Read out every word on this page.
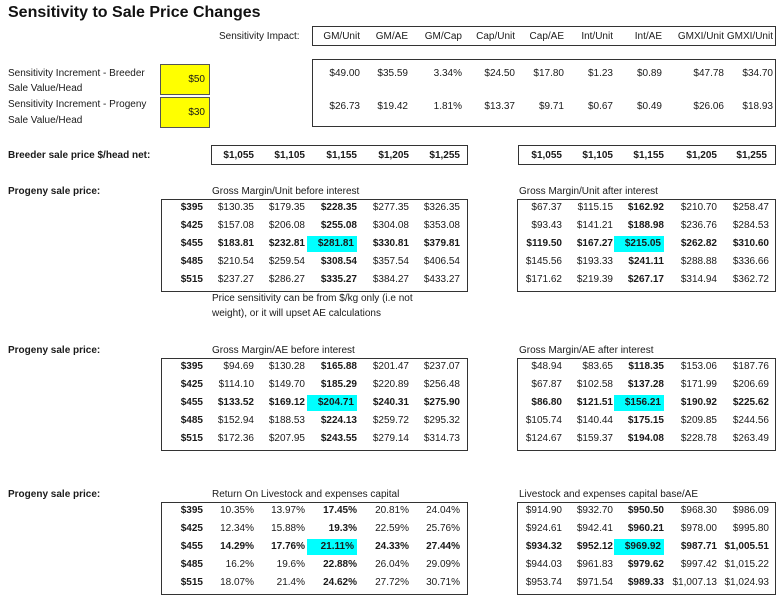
Sensitivity to Sale Price Changes
Sensitivity Impact:	GM/Unit	GM/AE	GM/Cap	Cap/Unit	Cap/AE	Int/Unit	Int/AE	GMXI/Unit GMXI/Unit
$49.00	$35.59	3.34%	$24.50	$17.80	$1.23	$0.89	$47.78	$34.70
$26.73	$19.42	1.81%	$13.37	$9.71	$0.67	$0.49	$26.06	$18.93
Sensitivity Increment - Breeder
Sale Value/Head
$50
Sensitivity Increment - Progeny
Sale Value/Head
$30
Breeder sale price $/head net:	$1,055	$1,105	$1,155	$1,205	$1,255	$1,055	$1,105	$1,155	$1,205	$1,255
Progeny sale price:
Progeny sale price:
Progeny sale price:
Price sensitivity can be from $/kg only (i.e not
weight), or it will upset AE calculations
Gross Margin/Unit before interest
$395	$130.35	$179.35	$228.35	$277.35	$326.35
$425	$157.08	$206.08	$255.08	$304.08	$353.08
$455	$183.81	$232.81	$281.81	$330.81	$379.81
$485	$210.54	$259.54	$308.54	$357.54	$406.54
$515	$237.27	$286.27	$335.27	$384.27	$433.27
Gross Margin/Unit after interest
$67.37	$115.15	$162.92	$210.70	$258.47
$93.43	$141.21	$188.98	$236.76	$284.53
$119.50	$167.27	$215.05	$262.82	$310.60
$145.56	$193.33	$241.11	$288.88	$336.66
$171.62	$219.39	$267.17	$314.94	$362.72
Gross Margin/AE before interest
$395	$94.69	$130.28	$165.88	$201.47	$237.07
$425	$114.10	$149.70	$185.29	$220.89	$256.48
$455	$133.52	$169.12	$204.71	$240.31	$275.90
$485	$152.94	$188.53	$224.13	$259.72	$295.32
$515	$172.36	$207.95	$243.55	$279.14	$314.73
Gross Margin/AE after interest
$48.94	$83.65	$118.35	$153.06	$187.76
$67.87	$102.58	$137.28	$171.99	$206.69
$86.80	$121.51	$156.21	$190.92	$225.62
$105.74	$140.44	$175.15	$209.85	$244.56
$124.67	$159.37	$194.08	$228.78	$263.49
Return On Livestock and expenses capital
$395	10.35%	13.97%	17.45%	20.81%	24.04%
$425	12.34%	15.88%	19.3%	22.59%	25.76%
$455	14.29%	17.76%	21.11%	24.33%	27.44%
$485	16.2%	19.6%	22.88%	26.04%	29.09%
$515	18.07%	21.4%	24.62%	27.72%	30.71%
Livestock and expenses capital base/AE
$914.90	$932.70	$950.50	$968.30	$986.09
$924.61	$942.41	$960.21	$978.00	$995.80
$934.32	$952.12	$969.92	$987.71 $1,005.51
$944.03	$961.83	$979.62	$997.42 $1,015.22
$953.74	$971.54	$989.33 $1,007.13 $1,024.93
